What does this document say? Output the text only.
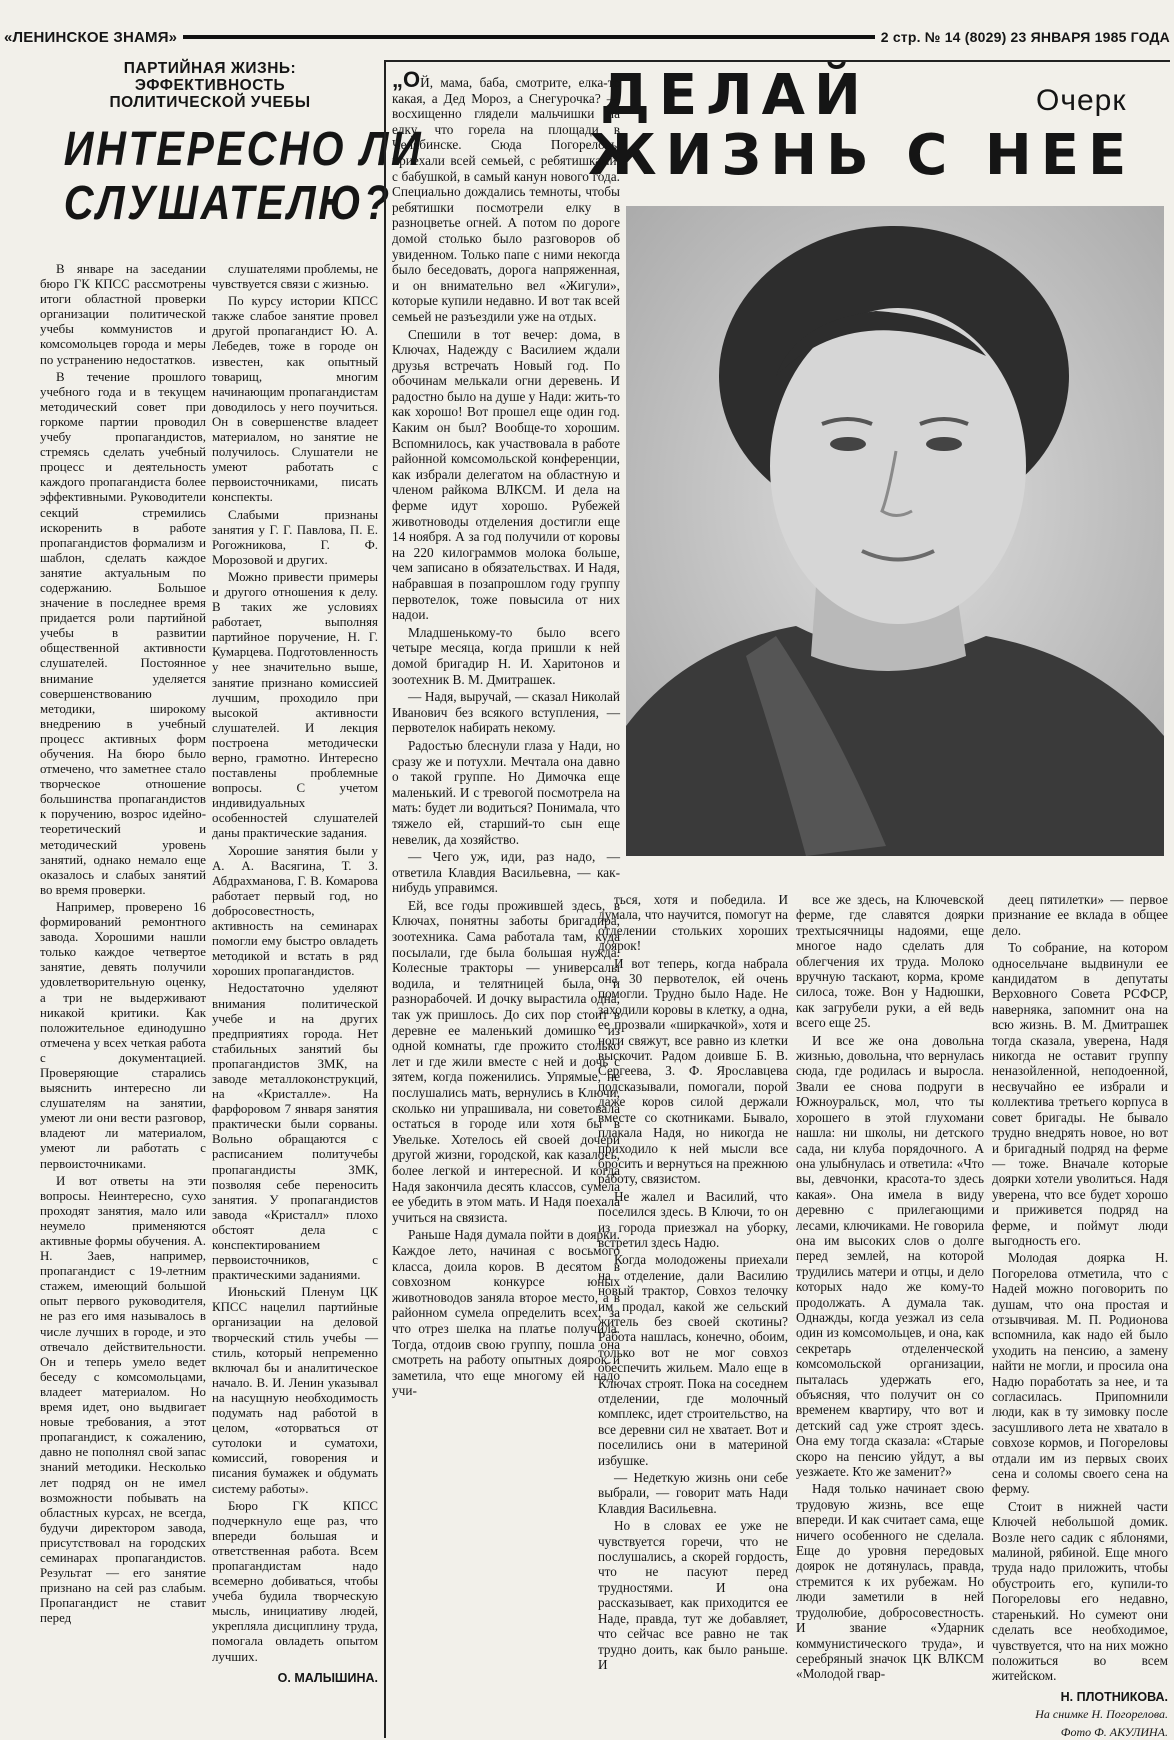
«ЛЕНИНСКОЕ ЗНАМЯ»	2 стр. № 14 (8029) 23 ЯНВАРЯ 1985 ГОДА
ПАРТИЙНАЯ ЖИЗНЬ:
ЭФФЕКТИВНОСТЬ
ПОЛИТИЧЕСКОЙ УЧЕБЫ
ИНТЕРЕСНО ЛИ
СЛУШАТЕЛЮ?

В январе на заседании бюро ГК КПСС рассмотрены итоги областной проверки организации политической учебы коммунистов и комсомольцев города и меры по устранению недостатков.

В течение прошлого учебного года и в текущем методический совет при горкоме партии проводил учебу пропагандистов, стремясь сделать учебный процесс и деятельность каждого пропагандиста более эффективными. Руководители секций стремились искоренить в работе пропагандистов формализм и шаблон, сделать каждое занятие актуальным по содержанию. Большое значение в последнее время придается роли партийной учебы в развитии общественной активности слушателей. Постоянное внимание уделяется совершенствованию методики, широкому внедрению в учебный процесс активных форм обучения. На бюро было отмечено, что заметнее стало творческое отношение большинства пропагандистов к поручению, возрос идейно-теоретический и методический уровень занятий, однако немало еще оказалось и слабых занятий во время проверки.

Например, проверено 16 формирований ремонтного завода. Хорошими нашли только каждое четвертое занятие, девять получили удовлетворительную оценку, а три не выдерживают никакой критики. Как положительное единодушно отмечена у всех четкая работа с документацией. Проверяющие старались выяснить интересно ли слушателям на занятии, умеют ли они вести разговор, владеют ли материалом, умеют ли работать с первоисточниками.

И вот ответы на эти вопросы. Неинтересно, сухо проходят занятия, мало или неумело применяются активные формы обучения. А. Н. Заев, например, пропагандист с 19-летним стажем, имеющий большой опыт первого руководителя, не раз его имя называлось в числе лучших в городе, и это отвечало действительности. Он и теперь умело ведет беседу с комсомольцами, владеет материалом. Но время идет, оно выдвигает новые требования, а этот пропагандист, к сожалению, давно не пополнял свой запас знаний методики. Несколько лет подряд он не имел возможности побывать на областных курсах, не всегда, будучи директором завода, присутствовал на городских семинарах пропагандистов. Результат — его занятие признано на сей раз слабым. Пропагандист не ставит перед

слушателями проблемы, не чувствуется связи с жизнью.

По курсу истории КПСС также слабое занятие провел другой пропагандист Ю. А. Лебедев, тоже в городе он известен, как опытный товарищ, многим начинающим пропагандистам доводилось у него поучиться. Он в совершенстве владеет материалом, но занятие не получилось. Слушатели не умеют работать с первоисточниками, писать конспекты.

Слабыми признаны занятия у Г. Г. Павлова, П. Е. Рогожникова, Г. Ф. Морозовой и других.

Можно привести примеры и другого отношения к делу. В таких же условиях работает, выполняя партийное поручение, Н. Г. Кумарцева. Подготовленность у нее значительно выше, занятие признано комиссией лучшим, проходило при высокой активности слушателей. И лекция построена методически верно, грамотно. Интересно поставлены проблемные вопросы. С учетом индивидуальных особенностей слушателей даны практические задания.

Хорошие занятия были у А. А. Васягина, Т. З. Абдрахманова, Г. В. Комарова работает первый год, но добросовестность, активность на семинарах помогли ему быстро овладеть методикой и встать в ряд хороших пропагандистов.

Недостаточно уделяют внимания политической учебе и на других предприятиях города. Нет стабильных занятий бы пропагандистов ЗМК, на заводе металлоконструкций, на «Кристалле». На фарфоровом 7 января занятия практически были сорваны. Вольно обращаются с расписанием политучебы пропагандисты ЗМК, позволяя себе переносить занятия. У пропагандистов завода «Кристалл» плохо обстоят дела с конспектированием первоисточников, с практическими заданиями.

Июньский Пленум ЦК КПСС нацелил партийные организации на деловой творческий стиль учебы — стиль, который непременно включал бы и аналитическое начало. В. И. Ленин указывал на насущную необходимость подумать над работой в целом, «оторваться от сутолоки и суматохи, комиссий, говорения и писания бумажек и обдумать систему работы».

Бюро ГК КПСС подчеркнуло еще раз, что впереди большая и ответственная работа. Всем пропагандистам надо всемерно добиваться, чтобы учеба будила творческую мысль, инициативу людей, укрепляла дисциплину труда, помогала овладеть опытом лучших.

О. МАЛЫШИНА.

ДЕЛАЙ
ЖИЗНЬ С НЕЕ
Очерк

„ОЙ, мама, баба, смотрите, елка-то какая, а Дед Мороз, а Снегурочка? — восхищенно глядели мальчишки на елку, что горела на площади в Челябинске. Сюда Погореловы приехали всей семьей, с ребятишками, с бабушкой, в самый канун нового года. Специально дождались темноты, чтобы ребятишки посмотрели елку в разноцветье огней. А потом по дороге домой столько было разговоров об увиденном. Только папе с ними некогда было беседовать, дорога напряженная, и он внимательно вел «Жигули», которые купили недавно. И вот так всей семьей не разъездили уже на отдых.

Спешили в тот вечер: дома, в Ключах, Надежду с Василием ждали друзья встречать Новый год. По обочинам мелькали огни деревень. И радостно было на душе у Нади: жить-то как хорошо! Вот прошел еще один год. Каким он был? Вообще-то хорошим. Вспомнилось, как участвовала в работе районной комсомольской конференции, как избрали делегатом на областную и членом райкома ВЛКСМ. И дела на ферме идут хорошо. Рубежей животноводы отделения достигли еще 14 ноября. А за год получили от коровы на 220 килограммов молока больше, чем записано в обязательствах. И Надя, набравшая в позапрошлом году группу первотелок, тоже повысила от них надои.

Младшенькому-то было всего четыре месяца, когда пришли к ней домой бригадир Н. И. Харитонов и зоотехник В. М. Дмитрашек.

— Надя, выручай, — сказал Николай Иванович без всякого вступления, — первотелок набирать некому.

Радостью блеснули глаза у Нади, но сразу же и потухли. Мечтала она давно о такой группе. Но Димочка еще маленький. И с тревогой посмотрела на мать: будет ли водиться? Понимала, что тяжело ей, старший-то сын еще невелик, да хозяйство.

— Чего уж, иди, раз надо, — ответила Клавдия Васильевна, — как-нибудь управимся.

Ей, все годы прожившей здесь, в Ключах, понятны заботы бригадира, зоотехника. Сама работала там, куда посылали, где была большая нужда. Колесные тракторы — универсалы водила, и телятницей была, и разнорабочей. И дочку вырастила одна, так уж пришлось. До сих пор стоит в деревне ее маленький домишко из одной комнаты, где прожито столько лет и где жили вместе с ней и дочь с зятем, когда поженились. Упрямые, не послушались мать, вернулись в Ключи, сколько ни упрашивала, ни советовала остаться в городе или хотя бы в Увельке. Хотелось ей своей дочери другой жизни, городской, как казалось, более легкой и интересной. И когда Надя закончила десять классов, сумела ее убедить в этом мать. И Надя поехала учиться на связиста.

Раньше Надя думала пойти в доярки. Каждое лето, начиная с восьмого класса, доила коров. В десятом в совхозном конкурсе юных животноводов заняла второе место, а в районном сумела определить всех, за что отрез шелка на платье получила. Тогда, отдоив свою группу, пошла она смотреть на работу опытных доярок и заметила, что еще многому ей надо учи-

ться, хотя и победила. И думала, что научится, помогут на отделении стольких хороших доярок!

И вот теперь, когда набрала она 30 первотелок, ей очень помогли. Трудно было Наде. Не заходили коровы в клетку, а одна, ее прозвали «ширкачкой», хотя и ноги свяжут, все равно из клетки выскочит. Радом доивше Б. В. Сергеева, З. Ф. Ярославцева подсказывали, помогали, порой даже коров силой держали вместе со скотниками. Бывало, плакала Надя, но никогда не приходило к ней мысли все бросить и вернуться на прежнюю работу, связистом.

Не жалел и Василий, что поселился здесь. В Ключи, то он из города приезжал на уборку, встретил здесь Надю.

Когда молодожены приехали на отделение, дали Василию новый трактор, Совхоз телочку им продал, какой же сельский житель без своей скотины? Работа нашлась, конечно, обоим, только вот не мог совхоз обеспечить жильем. Мало еще в Ключах строят. Пока на соседнем отделении, где молочный комплекс, идет строительство, на все деревни сил не хватает. Вот и поселились они в материной избушке.

— Недеткую жизнь они себе выбрали, — говорит мать Нади Клавдия Васильевна.

Но в словах ее уже не чувствуется горечи, что не послушались, а скорей гордость, что не пасуют перед трудностями. И она рассказывает, как приходится ее Наде, правда, тут же добавляет, что сейчас все равно не так трудно доить, как было раньше. И

все же здесь, на Ключевской ферме, где славятся доярки трехтысячницы надоями, еще многое надо сделать для облегчения их труда. Молоко вручную таскают, корма, кроме силоса, тоже. Вон у Надюшки, как загрубели руки, а ей ведь всего еще 25.

И все же она довольна жизнью, довольна, что вернулась сюда, где родилась и выросла. Звали ее снова подруги в Южноуральск, мол, что ты хорошего в этой глухомани нашла: ни школы, ни детского сада, ни клуба порядочного. А она улыбнулась и ответила: «Что вы, девчонки, красота-то здесь какая». Она имела в виду деревню с прилегающими лесами, ключиками. Не говорила она им высоких слов о долге перед землей, на которой трудились матери и отцы, и дело которых надо же кому-то продолжать. А думала так. Однажды, когда уезжал из села один из комсомольцев, и она, как секретарь отделенческой комсомольской организации, пыталась удержать его, объясняя, что получит он со временем квартиру, что вот и детский сад уже строят здесь. Она ему тогда сказала: «Старые скоро на пенсию уйдут, а вы уезжаете. Кто же заменит?»

Надя только начинает свою трудовую жизнь, все еще впереди. И как считает сама, еще ничего особенного не сделала. Еще до уровня передовых доярок не дотянулась, правда, стремится к их рубежам. Но люди заметили в ней трудолюбие, добросовестность. И звание «Ударник коммунистического труда», и серебряный значок ЦК ВЛКСМ «Молодой гвар-

деец пятилетки» — первое признание ее вклада в общее дело.

То собрание, на котором односельчане выдвинули ее кандидатом в депутаты Верховного Совета РСФСР, наверняка, запомнит она на всю жизнь. В. М. Дмитрашек тогда сказала, уверена, Надя никогда не оставит группу неназойленной, неподоенной, несвучайно ее избрали и коллектива третьего корпуса в совет бригады. Не бывало трудно внедрять новое, но вот и бригадный подряд на ферме — тоже. Вначале которые доярки хотели уволиться. Надя уверена, что все будет хорошо и приживется подряд на ферме, и поймут люди выгодность его.

Молодая доярка Н. Погорелова отметила, что с Надей можно поговорить по душам, что она простая и отзывчивая. М. П. Родионова вспомнила, как надо ей было уходить на пенсию, а замену найти не могли, и просила она Надю поработать за нее, и та согласилась. Припомнили люди, как в ту зимовку после засушливого лета не хватало в совхозе кормов, и Погореловы отдали им из первых своих сена и соломы своего сена на ферму.

Стоит в нижней части Ключей небольшой домик. Возле него садик с яблонями, малиной, рябиной. Еще много труда надо приложить, чтобы обустроить его, купили-то Погореловы его недавно, старенький. Но сумеют они сделать все необходимое, чувствуется, что на них можно положиться во всем житейском.

Н. ПЛОТНИКОВА.

На снимке Н. Погорелова.

Фото Ф. АКУЛИНА.
